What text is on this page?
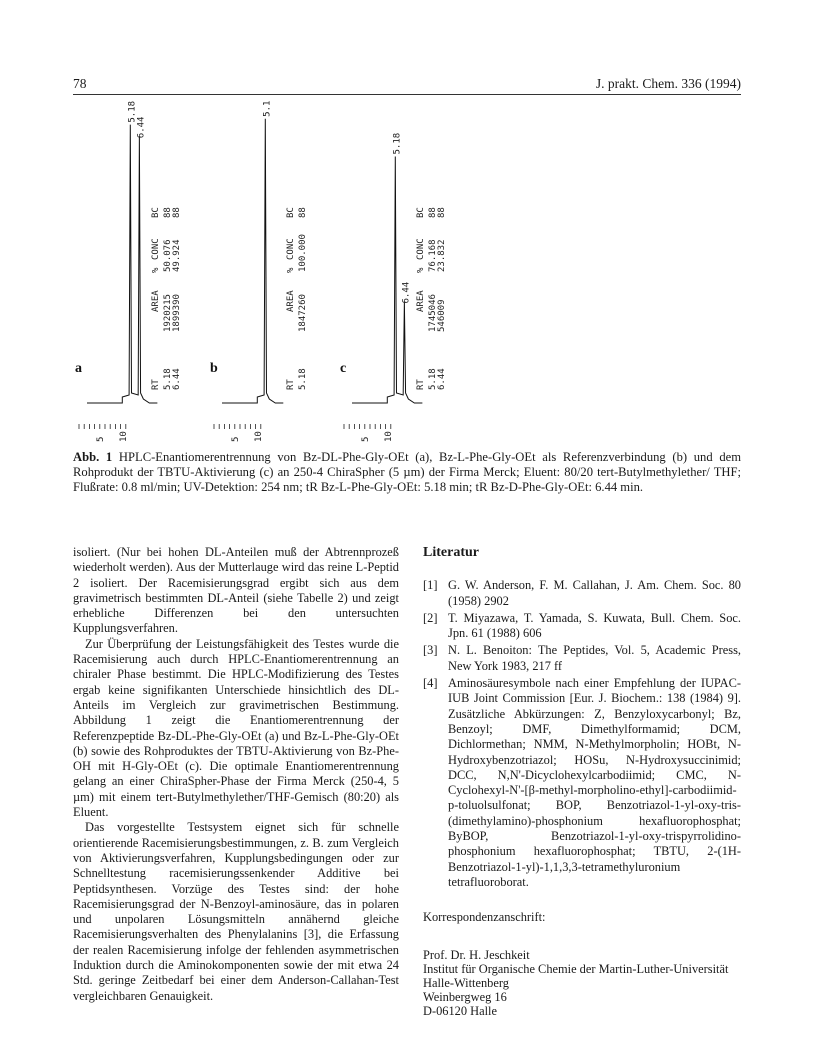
78	J. prakt. Chem. 336 (1994)
a
5.18
6.44
5 10
RT
AREA
%
CONC
BC
5.18
1920215
50.076
88
6.44
1899390
49.924
88
b
5.18
5 10
RT
AREA
%
CONC
BC
5.18
1847260
100.000
88
c
5.18
6.44
5 10
RT
AREA
%
CONC
BC
5.18
1745046
76.168
88
6.44
546009
23.832
88
Abb. 1 HPLC-Enantiomerentrennung von Bz-DL-Phe-Gly-OEt (a), Bz-L-Phe-Gly-OEt als Referenzverbindung (b) und dem Rohprodukt der TBTU-Aktivierung (c) an 250-4 ChiraSpher (5 µm) der Firma Merck; Eluent: 80/20 tert-Butylmethylether/ THF; Flußrate: 0.8 ml/min; UV-Detektion: 254 nm; tR Bz-L-Phe-Gly-OEt: 5.18 min; tR Bz-D-Phe-Gly-OEt: 6.44 min.

isoliert. (Nur bei hohen DL-Anteilen muß der Abtrennprozeß wiederholt werden). Aus der Mutterlauge wird das reine L-Peptid 2 isoliert. Der Racemisierungsgrad ergibt sich aus dem gravimetrisch bestimmten DL-Anteil (siehe Tabelle 2) und zeigt erhebliche Differenzen bei den untersuchten Kupplungsverfahren.

Zur Überprüfung der Leistungsfähigkeit des Testes wurde die Racemisierung auch durch HPLC-Enantiomerentrennung an chiraler Phase bestimmt. Die HPLC-Modifizierung des Testes ergab keine signifikanten Unterschiede hinsichtlich des DL-Anteils im Vergleich zur gravimetrischen Bestimmung. Abbildung 1 zeigt die Enantiomerentrennung der Referenzpeptide Bz-DL-Phe-Gly-OEt (a) und Bz-L-Phe-Gly-OEt (b) sowie des Rohproduktes der TBTU-Aktivierung von Bz-Phe-OH mit H-Gly-OEt (c). Die optimale Enantiomerentrennung gelang an einer ChiraSpher-Phase der Firma Merck (250-4, 5 µm) mit einem tert-Butylmethylether/THF-Gemisch (80:20) als Eluent.

Das vorgestellte Testsystem eignet sich für schnelle orientierende Racemisierungsbestimmungen, z. B. zum Vergleich von Aktivierungsverfahren, Kupplungsbedingungen oder zur Schnelltestung racemisierungssenkender Additive bei Peptidsynthesen. Vorzüge des Testes sind: der hohe Racemisierungsgrad der N-Benzoyl-aminosäure, das in polaren und unpolaren Lösungsmitteln annähernd gleiche Racemisierungsverhalten des Phenylalanins [3], die Erfassung der realen Racemisierung infolge der fehlenden asymmetrischen Induktion durch die Aminokomponenten sowie der mit etwa 24 Std. geringe Zeitbedarf bei einer dem Anderson-Callahan-Test vergleichbaren Genauigkeit.

Literatur
[1] G. W. Anderson, F. M. Callahan, J. Am. Chem. Soc. 80 (1958) 2902
[2] T. Miyazawa, T. Yamada, S. Kuwata, Bull. Chem. Soc. Jpn. 61 (1988) 606
[3] N. L. Benoiton: The Peptides, Vol. 5, Academic Press, New York 1983, 217 ff
[4] Aminosäuresymbole nach einer Empfehlung der IUPAC-IUB Joint Commission [Eur. J. Biochem.: 138 (1984) 9]. Zusätzliche Abkürzungen: Z, Benzyloxycarbonyl; Bz, Benzoyl; DMF, Dimethylformamid; DCM, Dichlormethan; NMM, N-Methylmorpholin; HOBt, N-Hydroxybenzotriazol; HOSu, N-Hydroxysuccinimid; DCC, N,N'-Dicyclohexylcarbodiimid; CMC, N-Cyclohexyl-N'-[β-methyl-morpholino-ethyl]-carbodiimid-p-toluolsulfonat; BOP, Benzotriazol-1-yl-oxy-tris-(dimethylamino)-phosphonium hexafluorophosphat; ByBOP, Benzotriazol-1-yl-oxy-trispyrrolidino-phosphonium hexafluorophosphat; TBTU, 2-(1H-Benzotriazol-1-yl)-1,1,3,3-tetramethyluronium tetrafluoroborat.
Korrespondenzanschrift:
Prof. Dr. H. Jeschkeit
Institut für Organische Chemie der Martin-Luther-Universität
Halle-Wittenberg
Weinbergweg 16
D-06120 Halle
